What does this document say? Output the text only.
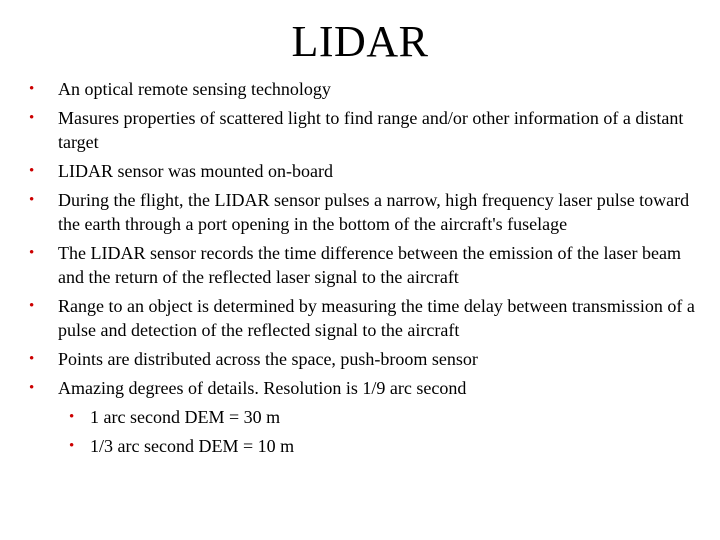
LIDAR
• An optical remote sensing technology
• Masures properties of scattered light to find range and/or other information of a distant target
• LIDAR sensor was mounted on-board
• During the flight, the LIDAR sensor pulses a narrow, high frequency laser pulse toward the earth through a port opening in the bottom of the aircraft's fuselage
• The LIDAR sensor records the time difference between the emission of the laser beam and the return of the reflected laser signal to the aircraft
• Range to an object is determined by measuring the time delay between transmission of a pulse and detection of the reflected signal to the aircraft
• Points are distributed across the space, push-broom sensor
• Amazing degrees of details. Resolution is 1/9 arc second
• 1 arc second DEM = 30 m
• 1/3 arc second DEM = 10 m
